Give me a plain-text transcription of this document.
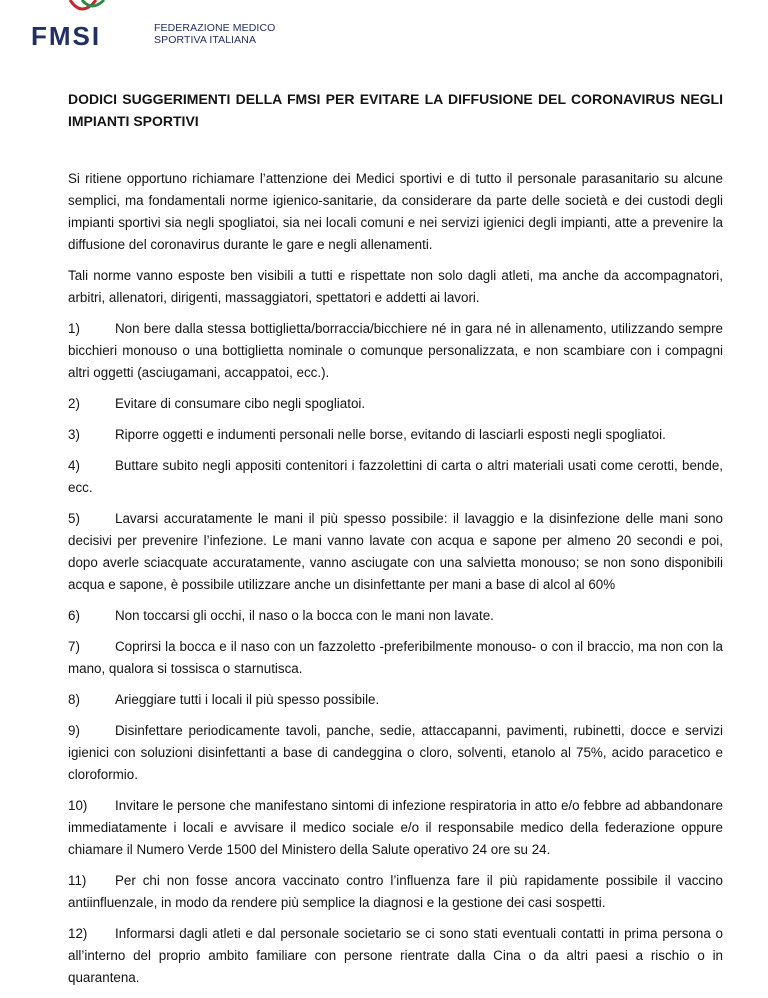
FMSI	FEDERAZIONE MEDICO
SPORTIVA ITALIANA
DODICI SUGGERIMENTI DELLA FMSI PER EVITARE LA DIFFUSIONE DEL CORONAVIRUS NEGLI IMPIANTI SPORTIVI

Si ritiene opportuno richiamare l’attenzione dei Medici sportivi e di tutto il personale parasanitario su alcune semplici, ma fondamentali norme igienico-sanitarie, da considerare da parte delle società e dei custodi degli impianti sportivi sia negli spogliatoi, sia nei locali comuni e nei servizi igienici degli impianti, atte a prevenire la diffusione del coronavirus durante le gare e negli allenamenti.

Tali norme vanno esposte ben visibili a tutti e rispettate non solo dagli atleti, ma anche da accompagnatori, arbitri, allenatori, dirigenti, massaggiatori, spettatori e addetti ai lavori.

1)	Non bere dalla stessa bottiglietta/borraccia/bicchiere né in gara né in allenamento, utilizzando sempre bicchieri monouso o una bottiglietta nominale o comunque personalizzata, e non scambiare con i compagni altri oggetti (asciugamani, accappatoi, ecc.).

2)	Evitare di consumare cibo negli spogliatoi.

3)	Riporre oggetti e indumenti personali nelle borse, evitando di lasciarli esposti negli spogliatoi.

4)	Buttare subito negli appositi contenitori i fazzolettini di carta o altri materiali usati come cerotti, bende, ecc.

5)	Lavarsi accuratamente le mani il più spesso possibile: il lavaggio e la disinfezione delle mani sono decisivi per prevenire l’infezione. Le mani vanno lavate con acqua e sapone per almeno 20 secondi e poi, dopo averle sciacquate accuratamente, vanno asciugate con una salvietta monouso; se non sono disponibili acqua e sapone, è possibile utilizzare anche un disinfettante per mani a base di alcol al 60%

6)	Non toccarsi gli occhi, il naso o la bocca con le mani non lavate.

7)	Coprirsi la bocca e il naso con un fazzoletto -preferibilmente monouso- o con il braccio, ma non con la mano, qualora si tossisca o starnutisca.

8)	Arieggiare tutti i locali il più spesso possibile.

9)	Disinfettare periodicamente tavoli, panche, sedie, attaccapanni, pavimenti, rubinetti, docce e servizi igienici con soluzioni disinfettanti a base di candeggina o cloro, solventi, etanolo al 75%, acido paracetico e cloroformio.

10) Invitare le persone che manifestano sintomi di infezione respiratoria in atto e/o febbre ad abbandonare immediatamente i locali e avvisare il medico sociale e/o il responsabile medico della federazione oppure chiamare il Numero Verde 1500 del Ministero della Salute operativo 24 ore su 24.

11) Per chi non fosse ancora vaccinato contro l’influenza fare il più rapidamente possibile il vaccino antiinfluenzale, in modo da rendere più semplice la diagnosi e la gestione dei casi sospetti.

12) Informarsi dagli atleti e dal personale societario se ci sono stati eventuali contatti in prima persona o all’interno del proprio ambito familiare con persone rientrate dalla Cina o da altri paesi a rischio o in quarantena.
